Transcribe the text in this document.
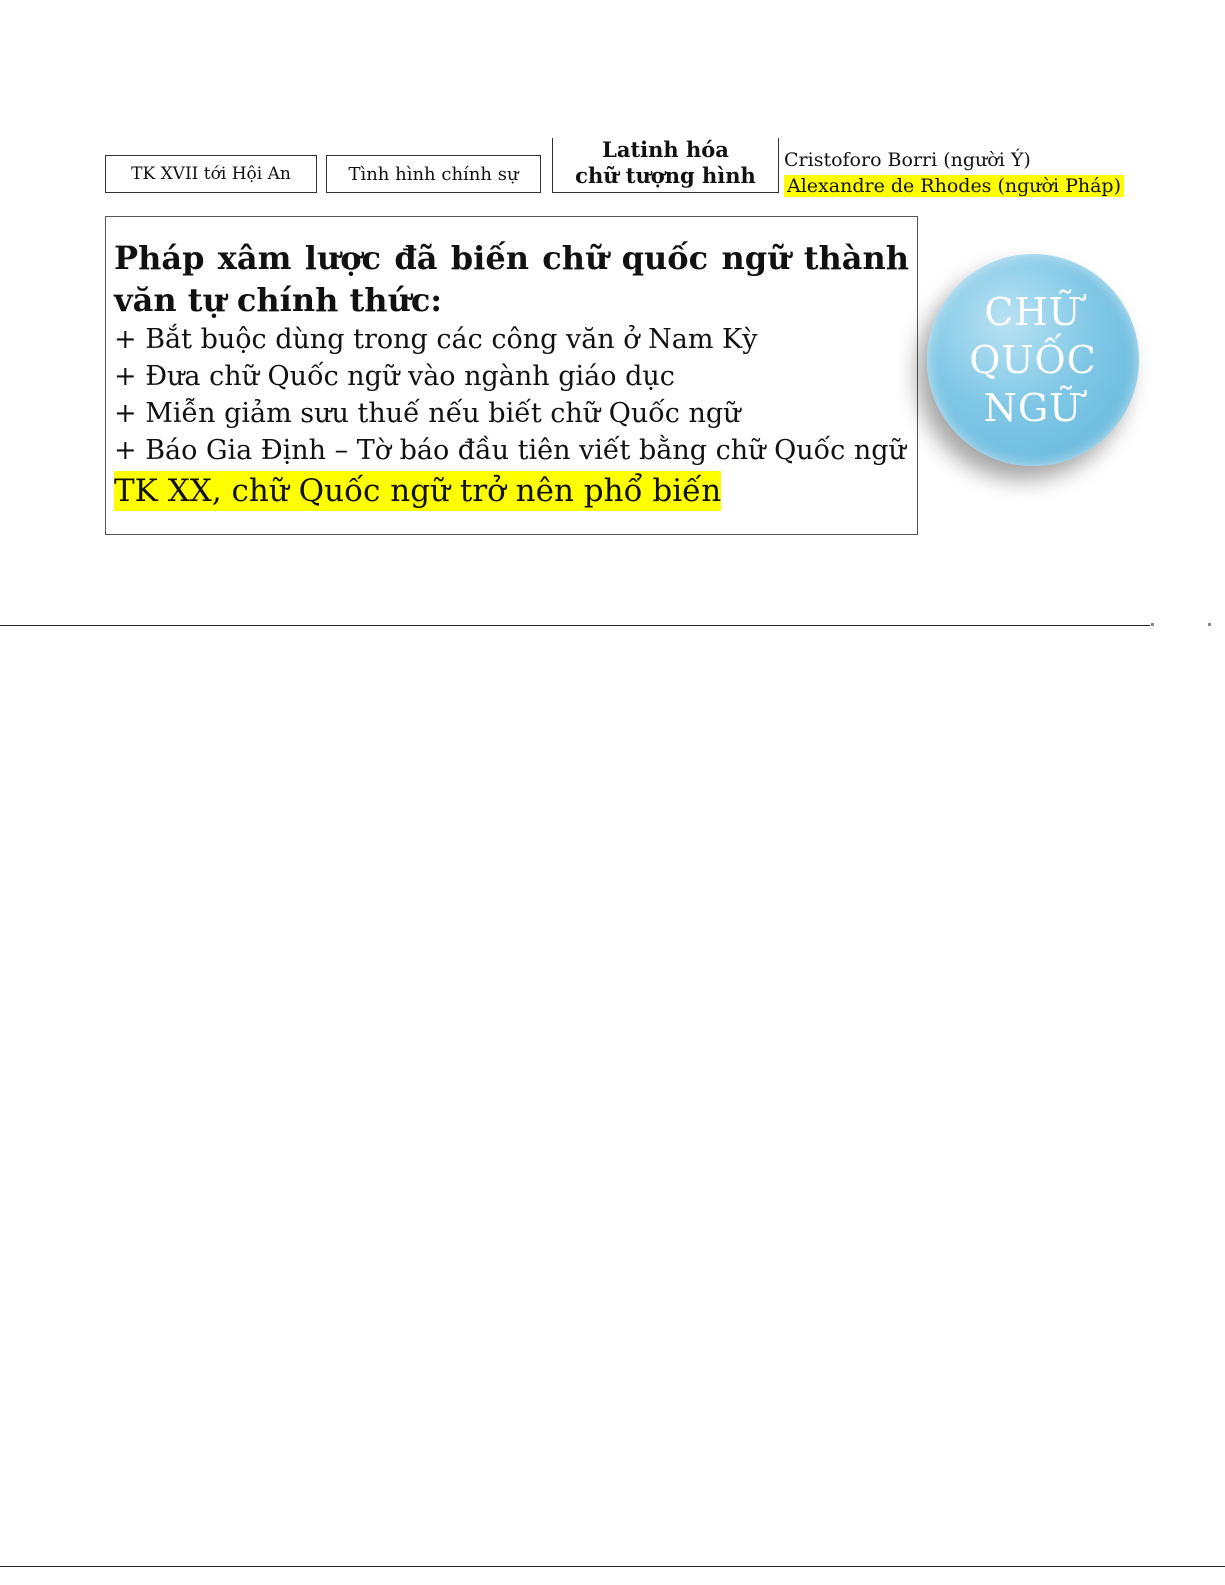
TK XVII tới Hội An	Tình hình chính sự
Latinh hóa
chữ tượng hình
Cristoforo Borri (người Ý)
Alexandre de Rhodes (người Pháp)
Pháp xâm lược đã biến chữ quốc ngữ thành văn tự chính thức:
+ Bắt buộc dùng trong các công văn ở Nam Kỳ
+ Đưa chữ Quốc ngữ vào ngành giáo dục
+ Miễn giảm sưu thuế nếu biết chữ Quốc ngữ
+ Báo Gia Định – Tờ báo đầu tiên viết bằng chữ Quốc ngữ
TK XX, chữ Quốc ngữ trở nên phổ biến
CHỮ
QUỐC
NGỮ
